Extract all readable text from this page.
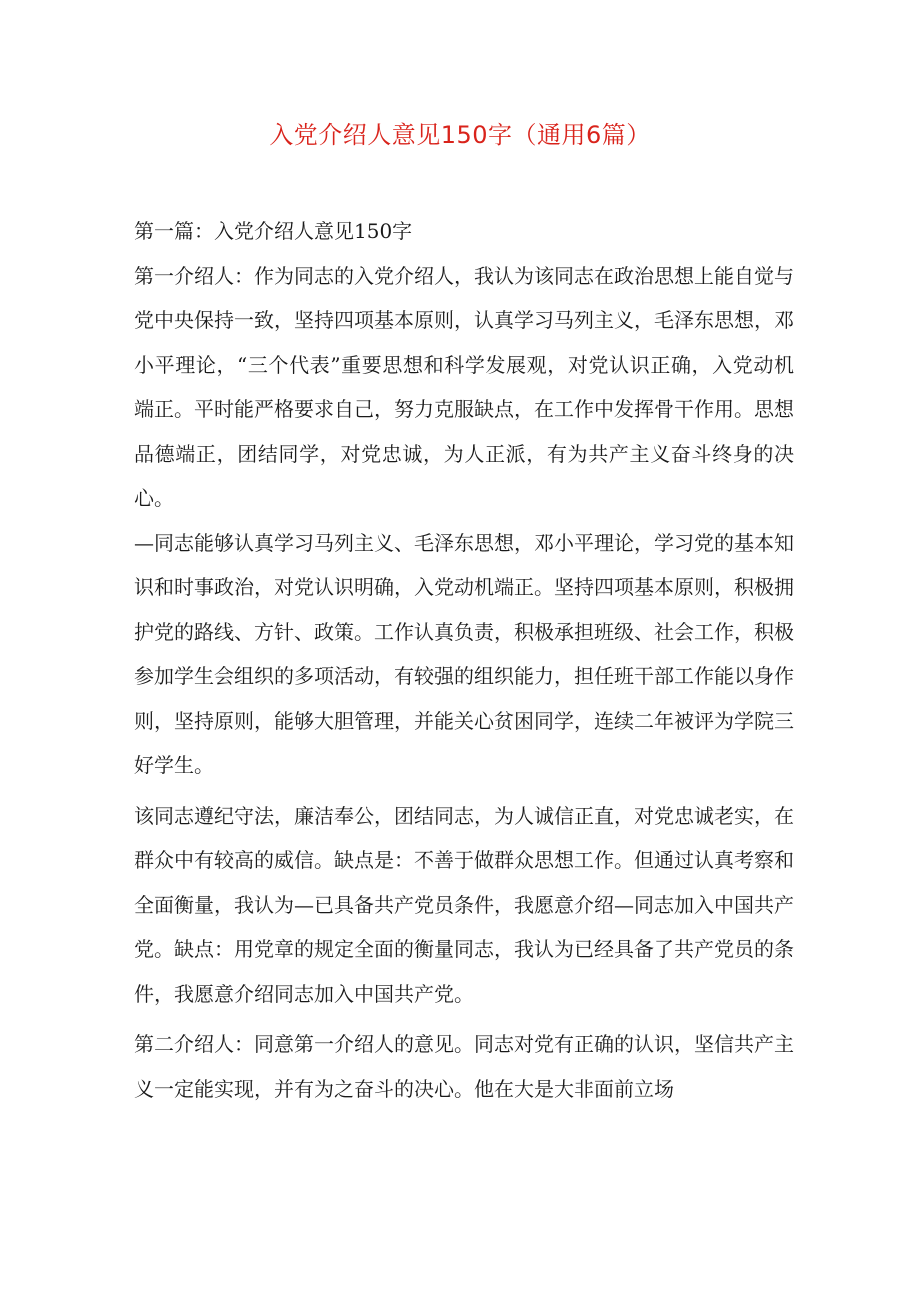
入党介绍人意见150字（通用6篇）

第一篇：入党介绍人意见150字

第一介绍人：作为同志的入党介绍人，我认为该同志在政治思想上能自觉与党中央保持一致，坚持四项基本原则，认真学习马列主义，毛泽东思想，邓小平理论，“三个代表”重要思想和科学发展观，对党认识正确，入党动机端正。平时能严格要求自己，努力克服缺点，在工作中发挥骨干作用。思想品德端正，团结同学，对党忠诚，为人正派，有为共产主义奋斗终身的决心。

—同志能够认真学习马列主义、毛泽东思想，邓小平理论，学习党的基本知识和时事政治，对党认识明确，入党动机端正。坚持四项基本原则，积极拥护党的路线、方针、政策。工作认真负责，积极承担班级、社会工作，积极参加学生会组织的多项活动，有较强的组织能力，担任班干部工作能以身作则，坚持原则，能够大胆管理，并能关心贫困同学，连续二年被评为学院三好学生。

该同志遵纪守法，廉洁奉公，团结同志，为人诚信正直，对党忠诚老实，在群众中有较高的威信。缺点是：不善于做群众思想工作。但通过认真考察和全面衡量，我认为—已具备共产党员条件，我愿意介绍—同志加入中国共产党。缺点：用党章的规定全面的衡量同志，我认为已经具备了共产党员的条件，我愿意介绍同志加入中国共产党。

第二介绍人：同意第一介绍人的意见。同志对党有正确的认识，坚信共产主义一定能实现，并有为之奋斗的决心。他在大是大非面前立场
